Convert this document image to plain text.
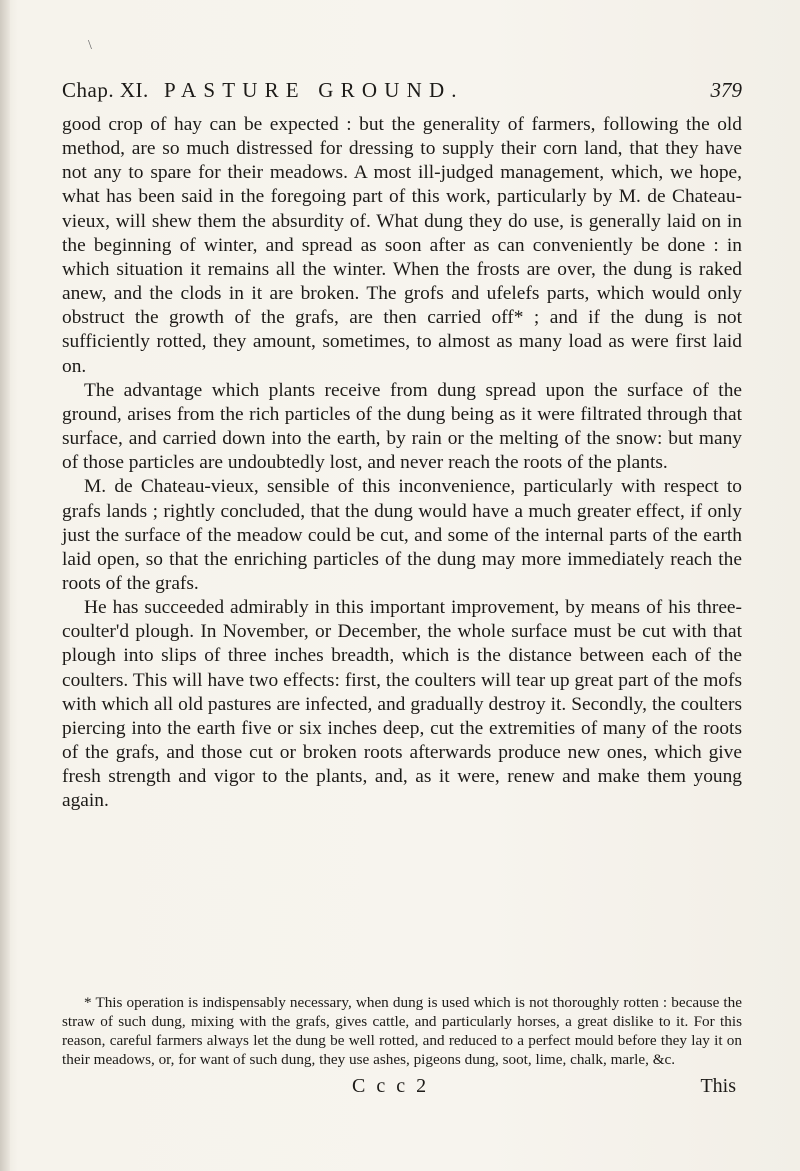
\
Chap. XI. PASTURE GROUND.	379

good crop of hay can be expected : but the generality of farmers, following the old method, are so much distressed for dressing to supply their corn land, that they have not any to spare for their meadows. A most ill-judged management, which, we hope, what has been said in the foregoing part of this work, particularly by M. de Chateau-vieux, will shew them the absurdity of. What dung they do use, is generally laid on in the beginning of winter, and spread as soon after as can conveniently be done : in which situation it remains all the winter. When the frosts are over, the dung is raked anew, and the clods in it are broken. The grofs and ufelefs parts, which would only obstruct the growth of the grafs, are then carried off* ; and if the dung is not sufficiently rotted, they amount, sometimes, to almost as many load as were first laid on.

The advantage which plants receive from dung spread upon the surface of the ground, arises from the rich particles of the dung being as it were filtrated through that surface, and carried down into the earth, by rain or the melting of the snow: but many of those particles are undoubtedly lost, and never reach the roots of the plants.

M. de Chateau-vieux, sensible of this inconvenience, particularly with respect to grafs lands ; rightly concluded, that the dung would have a much greater effect, if only just the surface of the meadow could be cut, and some of the internal parts of the earth laid open, so that the enriching particles of the dung may more immediately reach the roots of the grafs.

He has succeeded admirably in this important improvement, by means of his three-coulter'd plough. In November, or December, the whole surface must be cut with that plough into slips of three inches breadth, which is the distance between each of the coulters. This will have two effects: first, the coulters will tear up great part of the mofs with which all old pastures are infected, and gradually destroy it. Secondly, the coulters piercing into the earth five or six inches deep, cut the extremities of many of the roots of the grafs, and those cut or broken roots afterwards produce new ones, which give fresh strength and vigor to the plants, and, as it were, renew and make them young again.

* This operation is indispensably necessary, when dung is used which is not thoroughly rotten : because the straw of such dung, mixing with the grafs, gives cattle, and particularly horses, a great dislike to it. For this reason, careful farmers always let the dung be well rotted, and reduced to a perfect mould before they lay it on their meadows, or, for want of such dung, they use ashes, pigeons dung, soot, lime, chalk, marle, &c.

C c c 2	This
